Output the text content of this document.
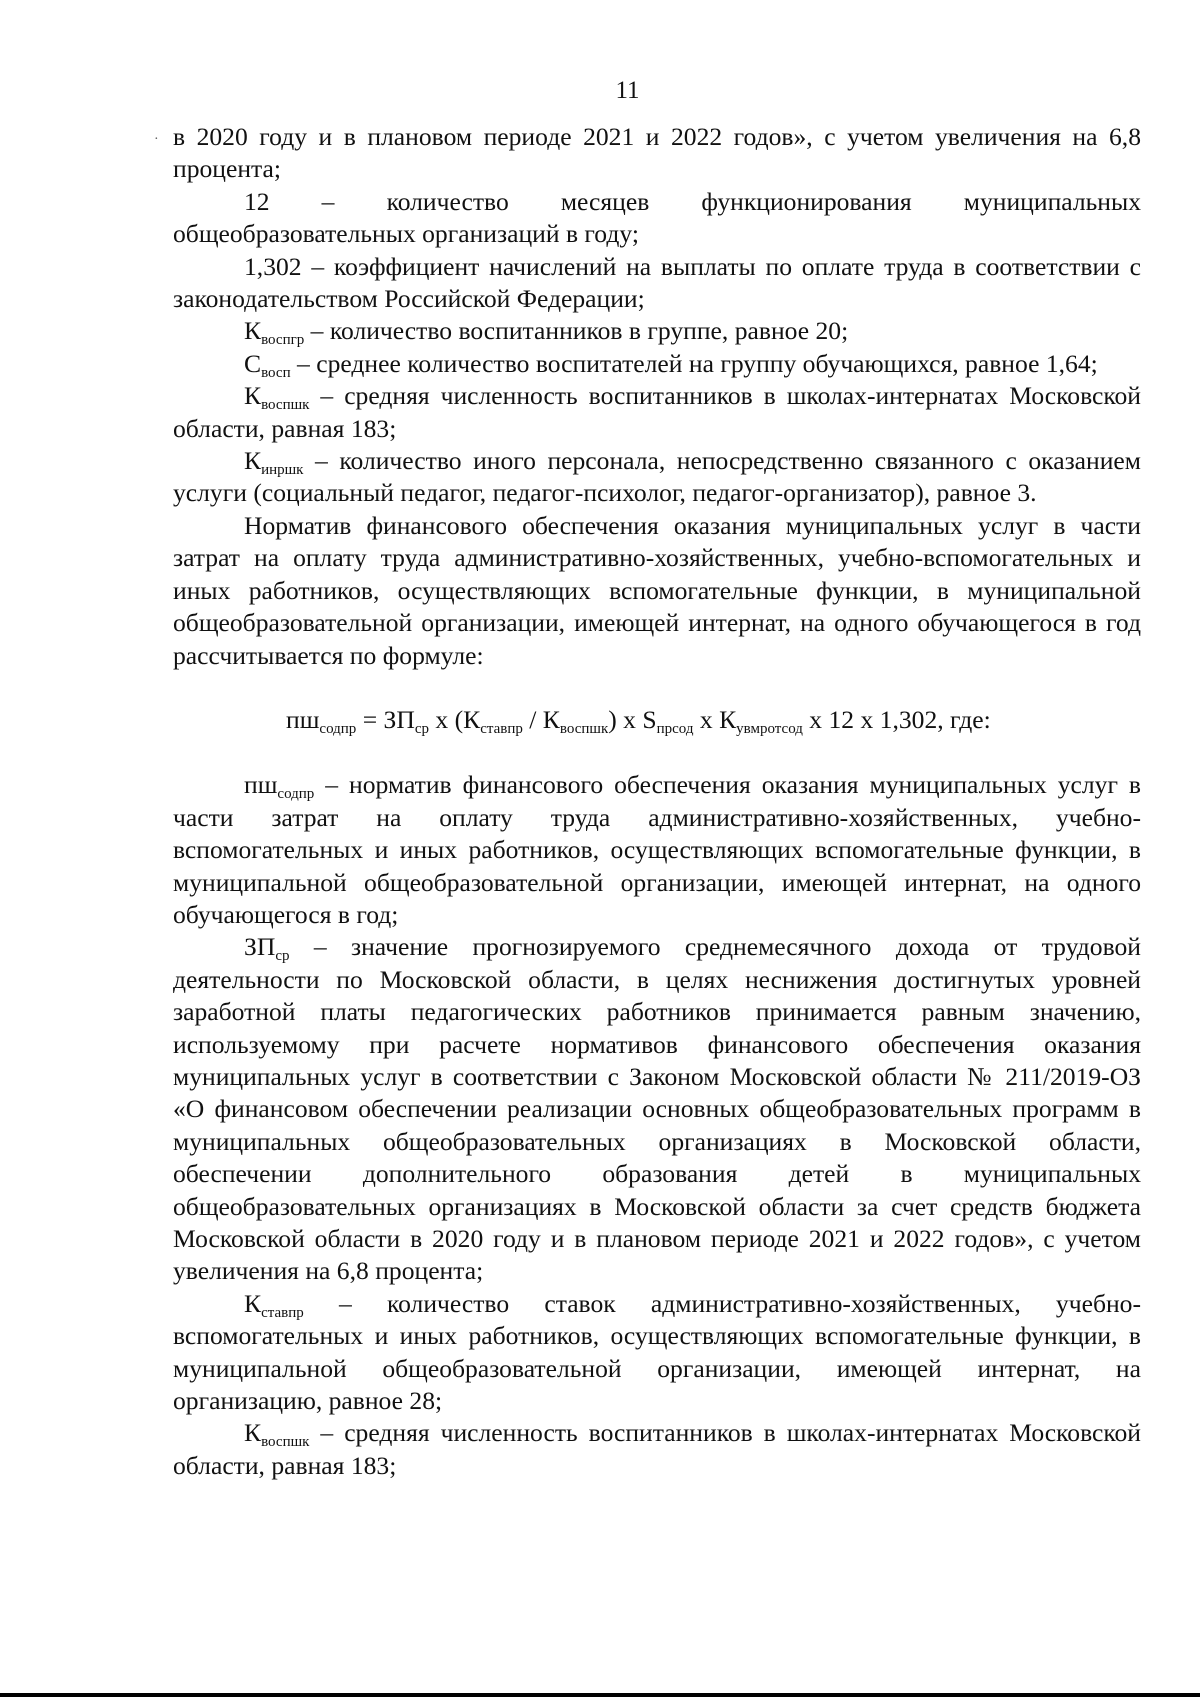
11
· в 2020 году и в плановом периоде 2021 и 2022 годов», с учетом увеличения на 6,8 процента;

12 – количество месяцев функционирования муниципальных общеобразовательных организаций в году;

1,302 – коэффициент начислений на выплаты по оплате труда в соответствии с законодательством Российской Федерации;

$К_{воспгр}$ – количество воспитанников в группе, равное 20;

$С_{восп}$ – среднее количество воспитателей на группу обучающихся, равное 1,64;

$К_{воспшк}$ – средняя численность воспитанников в школах-интернатах Московской области, равная 183;

$К_{инршк}$ – количество иного персонала, непосредственно связанного с оказанием услуги (социальный педагог, педагог-психолог, педагог-организатор), равное 3.

Норматив финансового обеспечения оказания муниципальных услуг в части затрат на оплату труда административно-хозяйственных, учебно-вспомогательных и иных работников, осуществляющих вспомогательные функции, в муниципальной общеобразовательной организации, имеющей интернат, на одного обучающегося в год рассчитывается по формуле:

$пш_{содпр} = ЗП_{ср}$ х $(К_{ставпр} / К_{воспшк})$ х $S_{прсод}$ х $К_{увмротсод}$ х 12 х 1,302, где:

$пш_{содпр}$ – норматив финансового обеспечения оказания муниципальных услуг в части затрат на оплату труда административно-хозяйственных, учебно-вспомогательных и иных работников, осуществляющих вспомогательные функции, в муниципальной общеобразовательной организации, имеющей интернат, на одного обучающегося в год;

$ЗП_{ср}$ – значение прогнозируемого среднемесячного дохода от трудовой деятельности по Московской области, в целях неснижения достигнутых уровней заработной платы педагогических работников принимается равным значению, используемому при расчете нормативов финансового обеспечения оказания муниципальных услуг в соответствии с Законом Московской области № 211/2019-ОЗ «О финансовом обеспечении реализации основных общеобразовательных программ в муниципальных общеобразовательных организациях в Московской области, обеспечении дополнительного образования детей в муниципальных общеобразовательных организациях в Московской области за счет средств бюджета Московской области в 2020 году и в плановом периоде 2021 и 2022 годов», с учетом увеличения на 6,8 процента;

$К_{ставпр}$ – количество ставок административно-хозяйственных, учебно-вспомогательных и иных работников, осуществляющих вспомогательные функции, в муниципальной общеобразовательной организации, имеющей интернат, на организацию, равное 28;

$К_{воспшк}$ – средняя численность воспитанников в школах-интернатах Московской области, равная 183;
